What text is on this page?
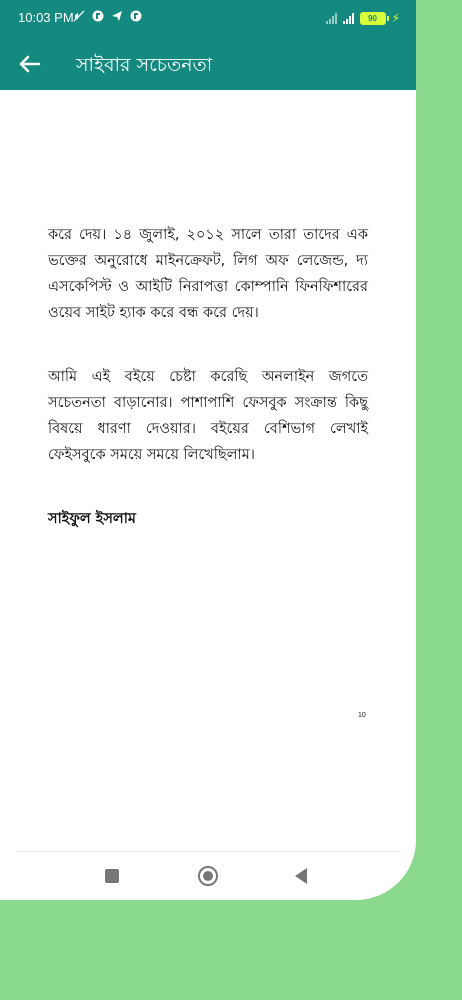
10:03 PM	90	⚡
সাইবার সচেতনতা

করে দেয়। ১৪ জুলাই, ২০১২ সালে তারা তাদের এক ভক্তের অনুরোধে মাইনক্রেফট, লিগ অফ লেজেন্ড, দ্য এসকেপিস্ট ও আইটি নিরাপত্তা কোম্পানি ফিনফিশারের ওয়েব সাইট হ্যাক করে বন্ধ করে দেয়।

আমি এই বইয়ে চেষ্টা করেছি অনলাইন জগতে সচেতনতা বাড়ানোর। পাশাপাশি ফেসবুক সংক্রান্ত কিছু বিষয়ে ধারণা দেওয়ার। বইয়ের বেশিভাগ লেখাই ফেইসবুকে সময়ে সময়ে লিখেছিলাম।

সাইফুল ইসলাম
10
